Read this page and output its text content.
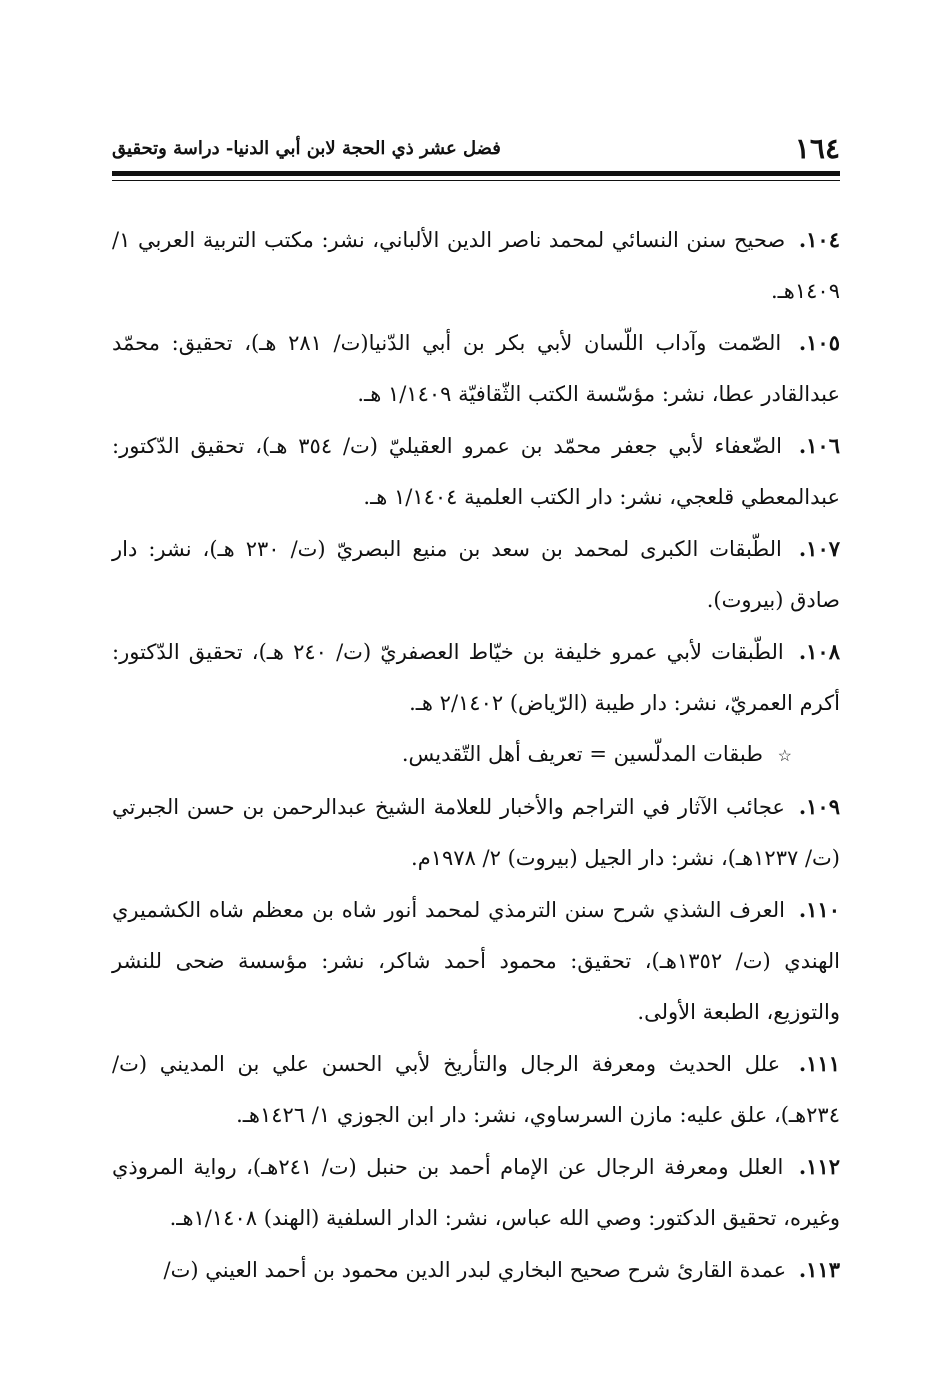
١٦٤
فضل عشر ذي الحجة لابن أبي الدنيا- دراسة وتحقيق
١٠٤. صحيح سنن النسائي لمحمد ناصر الدين الألباني، نشر: مكتب التربية العربي ١/ ١٤٠٩هـ.
١٠٥. الصّمت وآداب اللّسان لأبي بكر بن أبي الدّنيا(ت/ ٢٨١ هـ)، تحقيق: محمّد عبدالقادر عطا، نشر: مؤسّسة الكتب الثّقافيّة ١/١٤٠٩ هـ.
١٠٦. الضّعفاء لأبي جعفر محمّد بن عمرو العقيليّ (ت/ ٣٥٤ هـ)، تحقيق الدّكتور: عبدالمعطي قلعجي، نشر: دار الكتب العلمية ١/١٤٠٤ هـ.
١٠٧. الطّبقات الكبرى لمحمد بن سعد بن منيع البصريّ (ت/ ٢٣٠ هـ)، نشر: دار صادق (بيروت).
١٠٨. الطّبقات لأبي عمرو خليفة بن خيّاط العصفريّ (ت/ ٢٤٠ هـ)، تحقيق الدّكتور: أكرم العمريّ، نشر: دار طيبة (الرّياض) ٢/١٤٠٢ هـ.
☆ طبقات المدلّسين = تعريف أهل التّقديس.
١٠٩. عجائب الآثار في التراجم والأخبار للعلامة الشيخ عبدالرحمن بن حسن الجبرتي (ت/ ١٢٣٧هـ)، نشر: دار الجيل (بيروت) ٢/ ١٩٧٨م.
١١٠. العرف الشذي شرح سنن الترمذي لمحمد أنور شاه بن معظم شاه الكشميري الهندي (ت/ ١٣٥٢هـ)، تحقيق: محمود أحمد شاكر، نشر: مؤسسة ضحى للنشر والتوزيع، الطبعة الأولى.
١١١. علل الحديث ومعرفة الرجال والتأريخ لأبي الحسن علي بن المديني (ت/ ٢٣٤هـ)، علق عليه: مازن السرساوي، نشر: دار ابن الجوزي ١/ ١٤٢٦هـ.
١١٢. العلل ومعرفة الرجال عن الإمام أحمد بن حنبل (ت/ ٢٤١هـ)، رواية المروذي وغيره، تحقيق الدكتور: وصي الله عباس، نشر: الدار السلفية (الهند) ١/١٤٠٨هـ.
١١٣. عمدة القارئ شرح صحيح البخاري لبدر الدين محمود بن أحمد العيني (ت/
